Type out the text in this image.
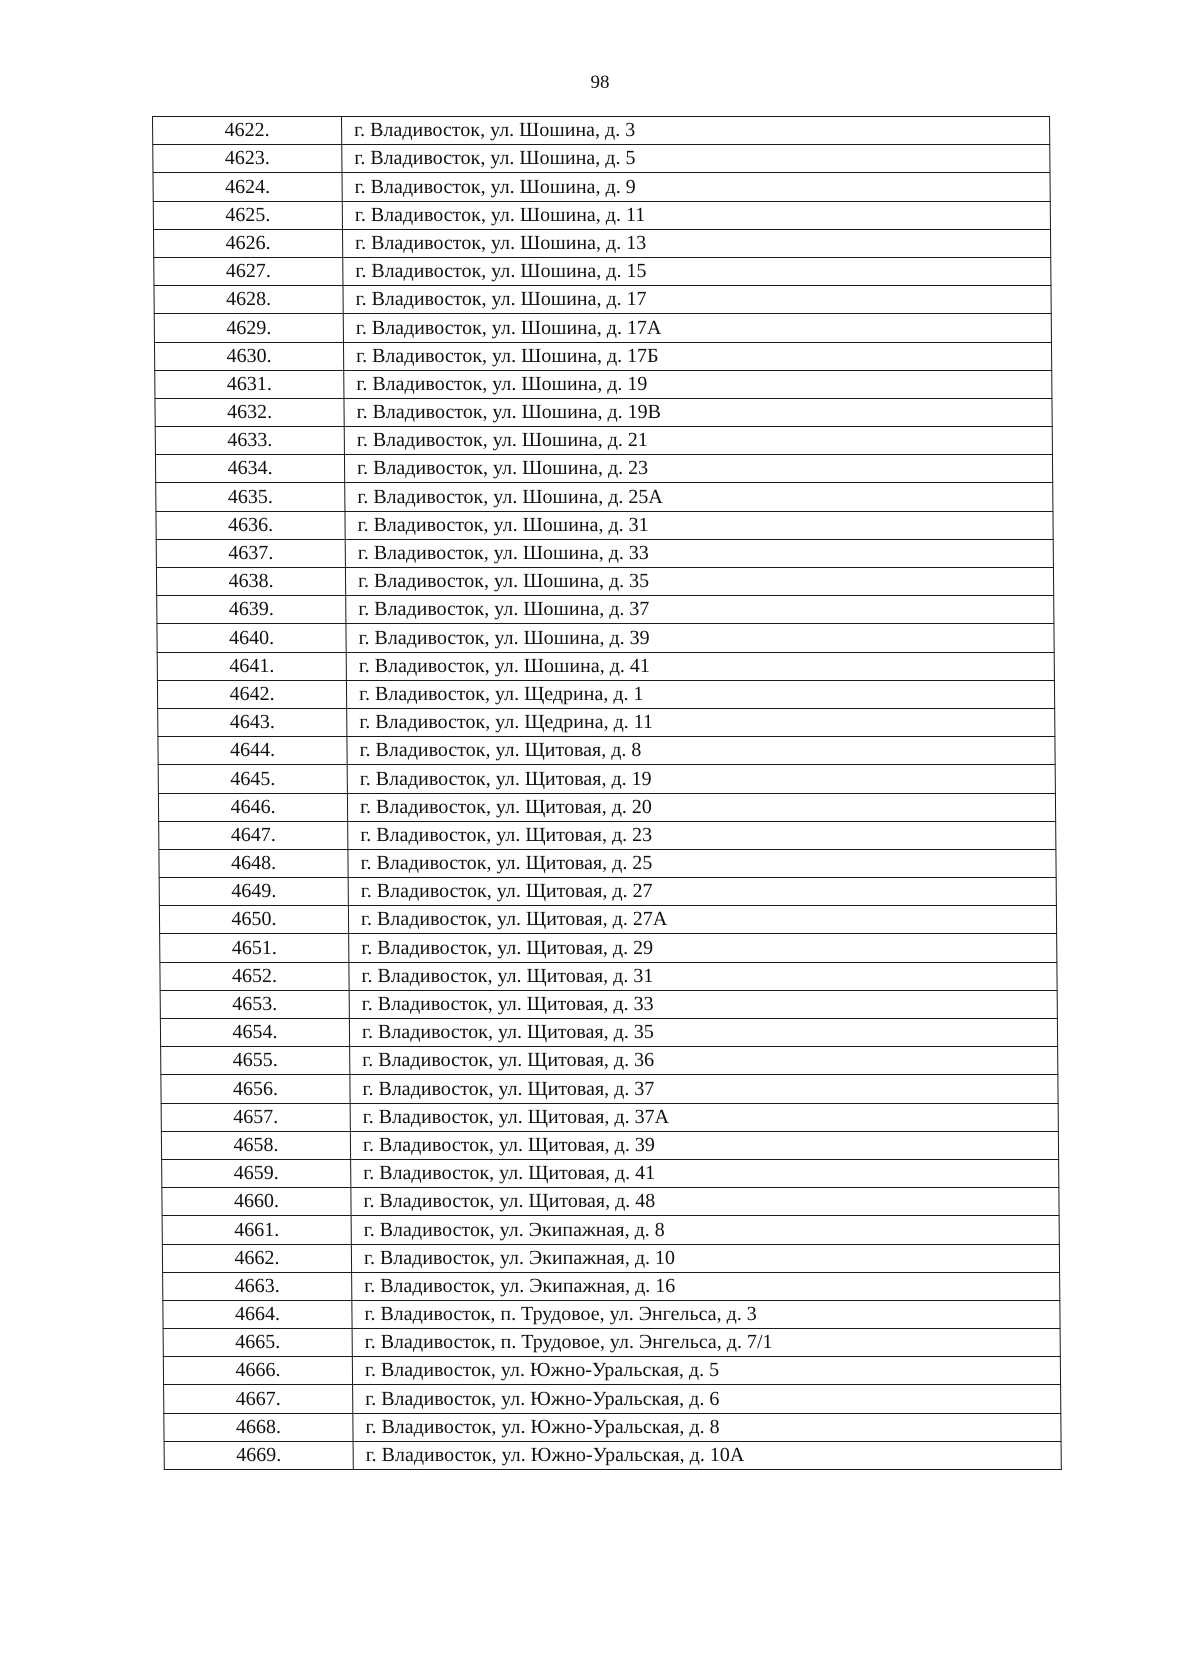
98
4622.	г. Владивосток, ул. Шошина, д. 3
4623.	г. Владивосток, ул. Шошина, д. 5
4624.	г. Владивосток, ул. Шошина, д. 9
4625.	г. Владивосток, ул. Шошина, д. 11
4626.	г. Владивосток, ул. Шошина, д. 13
4627.	г. Владивосток, ул. Шошина, д. 15
4628.	г. Владивосток, ул. Шошина, д. 17
4629.	г. Владивосток, ул. Шошина, д. 17А
4630.	г. Владивосток, ул. Шошина, д. 17Б
4631.	г. Владивосток, ул. Шошина, д. 19
4632.	г. Владивосток, ул. Шошина, д. 19В
4633.	г. Владивосток, ул. Шошина, д. 21
4634.	г. Владивосток, ул. Шошина, д. 23
4635.	г. Владивосток, ул. Шошина, д. 25А
4636.	г. Владивосток, ул. Шошина, д. 31
4637.	г. Владивосток, ул. Шошина, д. 33
4638.	г. Владивосток, ул. Шошина, д. 35
4639.	г. Владивосток, ул. Шошина, д. 37
4640.	г. Владивосток, ул. Шошина, д. 39
4641.	г. Владивосток, ул. Шошина, д. 41
4642.	г. Владивосток, ул. Щедрина, д. 1
4643.	г. Владивосток, ул. Щедрина, д. 11
4644.	г. Владивосток, ул. Щитовая, д. 8
4645.	г. Владивосток, ул. Щитовая, д. 19
4646.	г. Владивосток, ул. Щитовая, д. 20
4647.	г. Владивосток, ул. Щитовая, д. 23
4648.	г. Владивосток, ул. Щитовая, д. 25
4649.	г. Владивосток, ул. Щитовая, д. 27
4650.	г. Владивосток, ул. Щитовая, д. 27А
4651.	г. Владивосток, ул. Щитовая, д. 29
4652.	г. Владивосток, ул. Щитовая, д. 31
4653.	г. Владивосток, ул. Щитовая, д. 33
4654.	г. Владивосток, ул. Щитовая, д. 35
4655.	г. Владивосток, ул. Щитовая, д. 36
4656.	г. Владивосток, ул. Щитовая, д. 37
4657.	г. Владивосток, ул. Щитовая, д. 37А
4658.	г. Владивосток, ул. Щитовая, д. 39
4659.	г. Владивосток, ул. Щитовая, д. 41
4660.	г. Владивосток, ул. Щитовая, д. 48
4661.	г. Владивосток, ул. Экипажная, д. 8
4662.	г. Владивосток, ул. Экипажная, д. 10
4663.	г. Владивосток, ул. Экипажная, д. 16
4664.	г. Владивосток, п. Трудовое, ул. Энгельса, д. 3
4665.	г. Владивосток, п. Трудовое, ул. Энгельса, д. 7/1
4666.	г. Владивосток, ул. Южно-Уральская, д. 5
4667.	г. Владивосток, ул. Южно-Уральская, д. 6
4668.	г. Владивосток, ул. Южно-Уральская, д. 8
4669.	г. Владивосток, ул. Южно-Уральская, д. 10А
